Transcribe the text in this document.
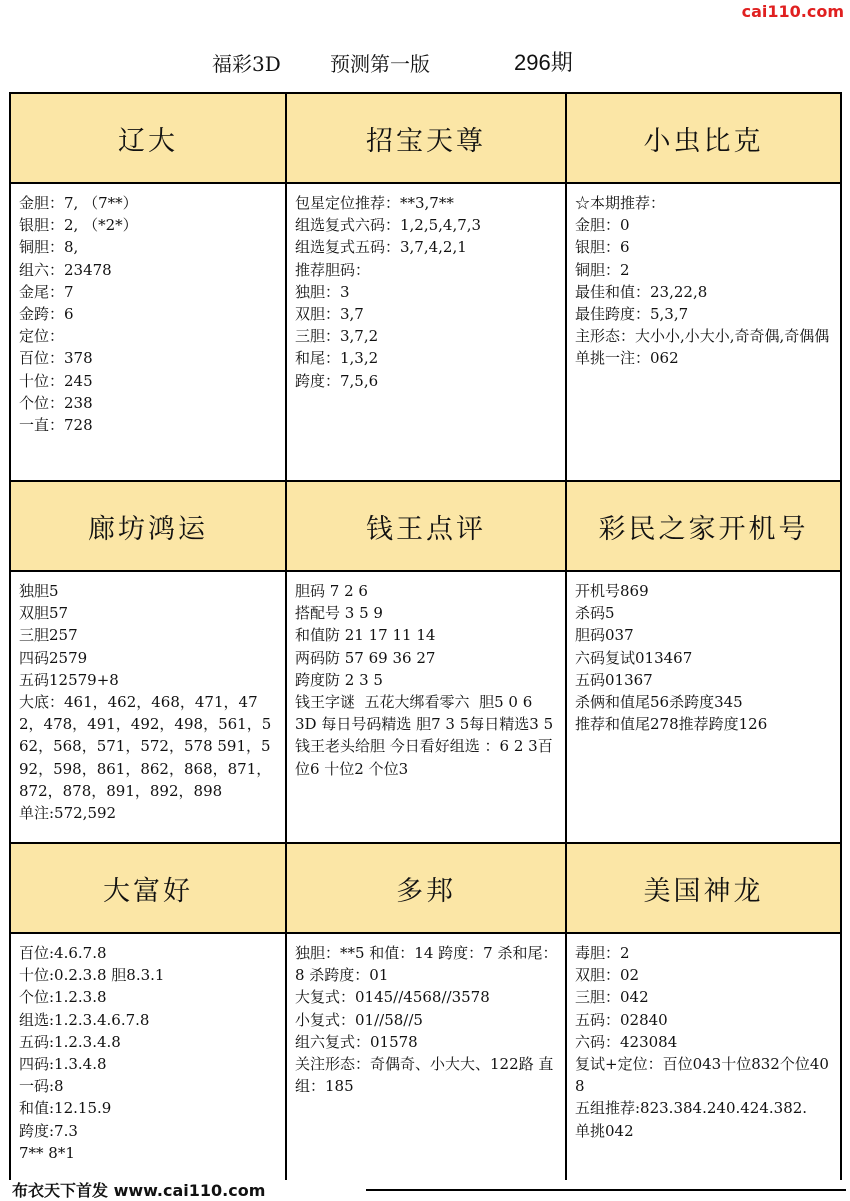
cai110.com
福彩3D 预测第一版	296期
辽大
金胆：7, （7**）
银胆：2, （*2*）
铜胆：8,
组六：23478
金尾：7
金跨：6
定位：
百位：378
十位：245
个位：238
一直：728
招宝天尊
包星定位推荐：**3,7**
组选复式六码：1,2,5,4,7,3
组选复式五码：3,7,4,2,1
推荐胆码：
独胆：3
双胆：3,7
三胆：3,7,2
和尾：1,3,2
跨度：7,5,6
小虫比克
☆本期推荐：
金胆：0
银胆：6
铜胆：2
最佳和值：23,22,8
最佳跨度：5,3,7
主形态：大小小,小大小,奇奇偶,奇偶偶
单挑一注：062
廊坊鸿运
独胆5
双胆57
三胆257
四码2579
五码12579+8
大底：461，462，468，471，472，478，491，492，498，561，562，568，571，572，578 591，592，598，861，862，868，871，872，878，891，892，898
单注:572,592
钱王点评
胆码 7 2 6
搭配号 3 5 9
和值防 21 17 11 14
两码防 57 69 36 27
跨度防 2 3 5
钱王字谜  五花大绑看零六  胆5 0 6
3D 每日号码精选 胆7 3 5每日精选3 5
钱王老头给胆 今日看好组选 ：6 2 3百位6 十位2 个位3
彩民之家开机号
开机号869
杀码5
胆码037
六码复试013467
五码01367
杀俩和值尾56杀跨度345
推荐和值尾278推荐跨度126
大富好
百位:4.6.7.8
十位:0.2.3.8 胆8.3.1
个位:1.2.3.8
组选:1.2.3.4.6.7.8
五码:1.2.3.4.8
四码:1.3.4.8
一码:8
和值:12.15.9
跨度:7.3
7** 8*1
多邦
独胆：**5 和值：14 跨度：7 杀和尾：8 杀跨度：01
大复式：0145//4568//3578
小复式：01//58//5
组六复式：01578
关注形态：奇偶奇、小大大、122路 直组：185
美国神龙
毒胆：2
双胆：02
三胆：042
五码：02840
六码：423084
复试+定位：百位043十位832个位408
五组推荐:823.384.240.424.382.
单挑042
布衣天下首发 www.cai110.com
